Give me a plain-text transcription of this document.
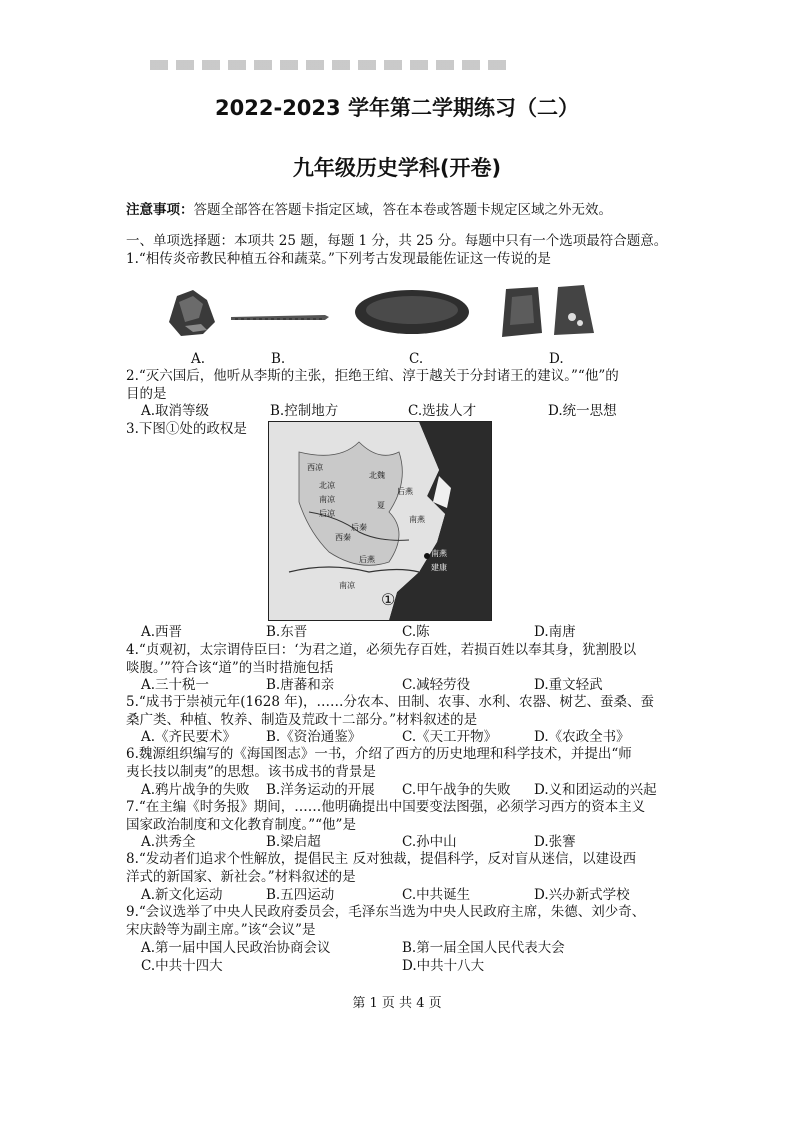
2022-2023 学年第二学期练习（二）
九年级历史学科(开卷)
注意事项：答题全部答在答题卡指定区域，答在本卷或答题卡规定区域之外无效。
一、单项选择题：本项共 25 题，每题 1 分，共 25 分。每题中只有一个选项最符合题意。
1.“相传炎帝教民种植五谷和蔬菜。”下列考古发现最能佐证这一传说的是
A.	B.	C.	D.
2.“灭六国后，他听从李斯的主张，拒绝王绾、淳于越关于分封诸王的建议。”“他”的
目的是
A.取消等级	B.控制地方	C.选拔人才	D.统一思想
3.下图①处的政权是
西凉
北凉
南凉
后凉
西秦
后燕
北魏
南燕
后秦
夏
后燕
南凉
建康
南燕
①
A.西晋	B.东晋	C.陈	D.南唐
4.“贞观初，太宗谓侍臣曰：‘为君之道，必须先存百姓，若损百姓以奉其身，犹割股以
啖腹。’”符合该“道”的当时措施包括
A.三十税一	B.唐蕃和亲	C.减轻劳役	D.重文轻武
5.“成书于崇祯元年(1628 年)，……分农本、田制、农事、水利、农器、树艺、蚕桑、蚕
桑广类、种植、牧养、制造及荒政十二部分。”材料叙述的是
A.《齐民要术》 B.《资治通鉴》	C.《天工开物》	D.《农政全书》
6.魏源组织编写的《海国图志》一书，介绍了西方的历史地理和科学技术，并提出“师
夷长技以制夷”的思想。该书成书的背景是
A.鸦片战争的失败 B.洋务运动的开展 C.甲午战争的失败 D.义和团运动的兴起
7.“在主编《时务报》期间，……他明确提出中国要变法图强，必须学习西方的资本主义
国家政治制度和文化教育制度。”“他”是
A.洪秀全	B.梁启超	C.孙中山	D.张謇
8.“发动者们追求个性解放，提倡民主 反对独裁，提倡科学，反对盲从迷信，以建设西
洋式的新国家、新社会。”材料叙述的是
A.新文化运动	B.五四运动	C.中共诞生	D.兴办新式学校
9.“会议选举了中央人民政府委员会，毛泽东当选为中央人民政府主席，朱德、刘少奇、
宋庆龄等为副主席。”该“会议”是
A.第一届中国人民政治协商会议	B.第一届全国人民代表大会
C.中共十四大	D.中共十八大
第 1 页 共 4 页
